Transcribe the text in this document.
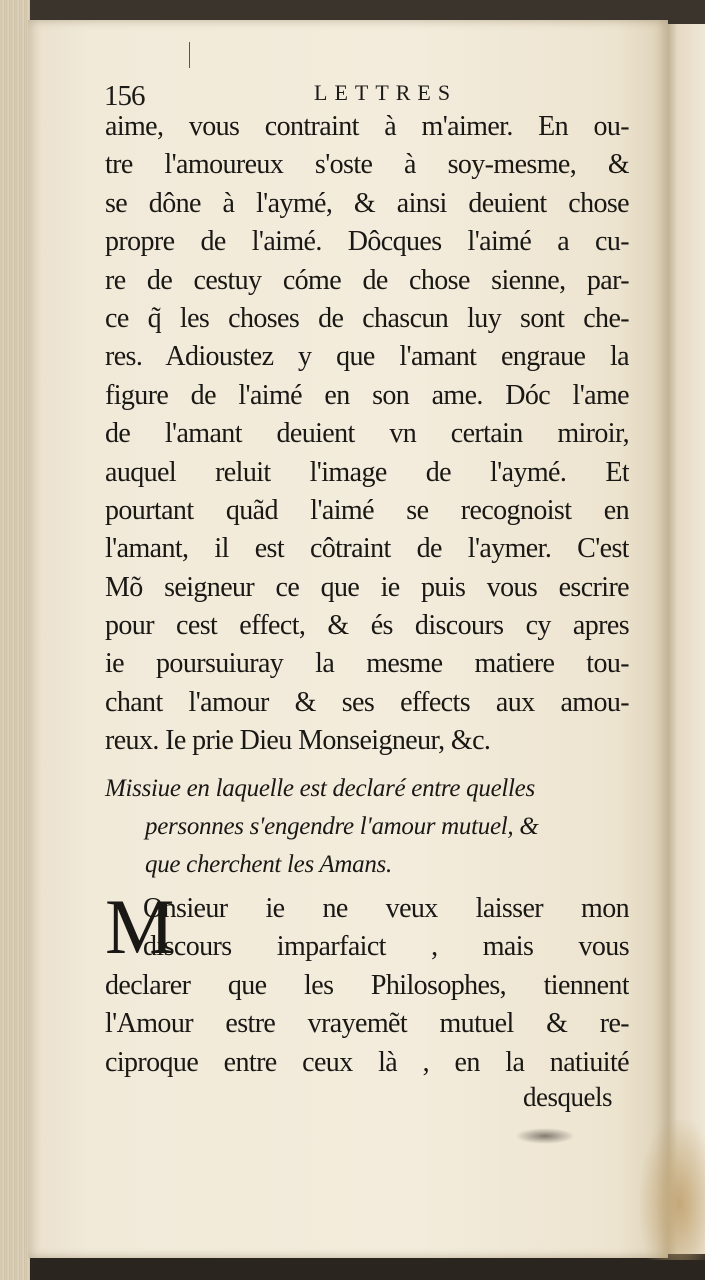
156	LETTRES
aime, vous contraint à m'aimer. En ou-
tre l'amoureux s'oste à soy-mesme, &
se dône à l'aymé, & ainsi deuient chose
propre de l'aimé. Dôcques l'aimé a cu-
re de cestuy cóme de chose sienne, par-
ce q̃ les choses de chascun luy sont che-
res. Adioustez y que l'amant engraue la
figure de l'aimé en son ame. Dóc l'ame
de l'amant deuient vn certain miroir,
auquel reluit l'image de l'aymé. Et
pourtant quãd l'aimé se recognoist en
l'amant, il est côtraint de l'aymer. C'est
Mõ seigneur ce que ie puis vous escrire
pour cest effect, & és discours cy apres
ie poursuiuray la mesme matiere tou-
chant l'amour & ses effects aux amou-
reux. Ie prie Dieu Monseigneur, &c.
Missiue en laquelle est declaré entre quelles
personnes s'engendre l'amour mutuel, &
que cherchent les Amans.
M
Onsieur ie ne veux laisser mon
discours imparfaict , mais vous
declarer que les Philosophes, tiennent
l'Amour estre vrayemẽt mutuel & re-
ciproque entre ceux là , en la natiuité
desquels
